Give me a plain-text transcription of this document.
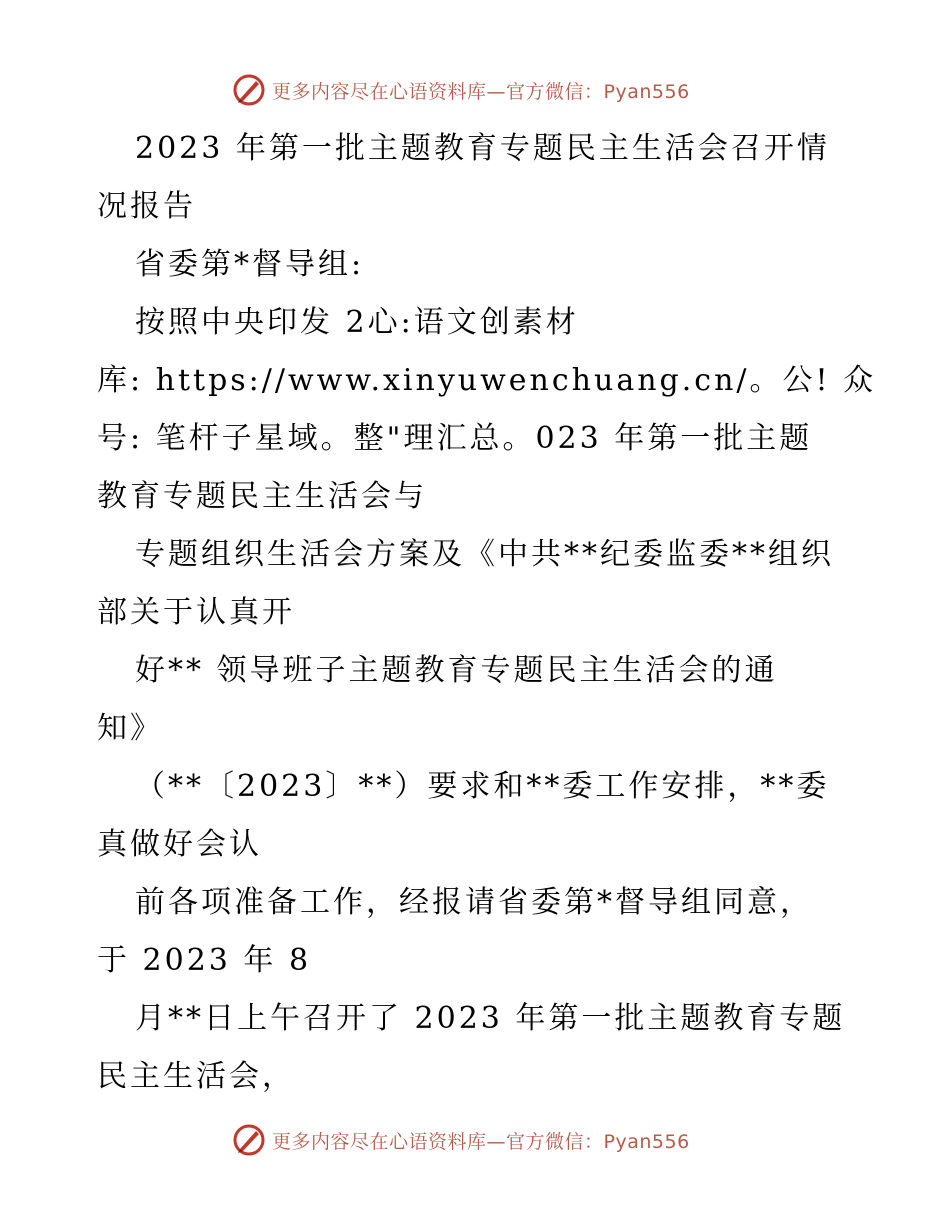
更多内容尽在心语资料库—官方微信：Pyan556
2023 年第一批主题教育专题民主生活会召开情
况报告
省委第*督导组:
按照中央印发 2心:语文创素材
库: https://www.xinyuwenchuang.cn/。公! 众
号: 笔杆子星域。整"理汇总。023 年第一批主题
教育专题民主生活会与
专题组织生活会方案及《中共**纪委监委**组织
部关于认真开
好** 领导班子主题教育专题民主生活会的通
知》
（**〔2023〕**）要求和**委工作安排，**委
真做好会认
前各项准备工作，经报请省委第*督导组同意，
于 2023 年 8
月**日上午召开了 2023 年第一批主题教育专题
民主生活会，
更多内容尽在心语资料库—官方微信：Pyan556
